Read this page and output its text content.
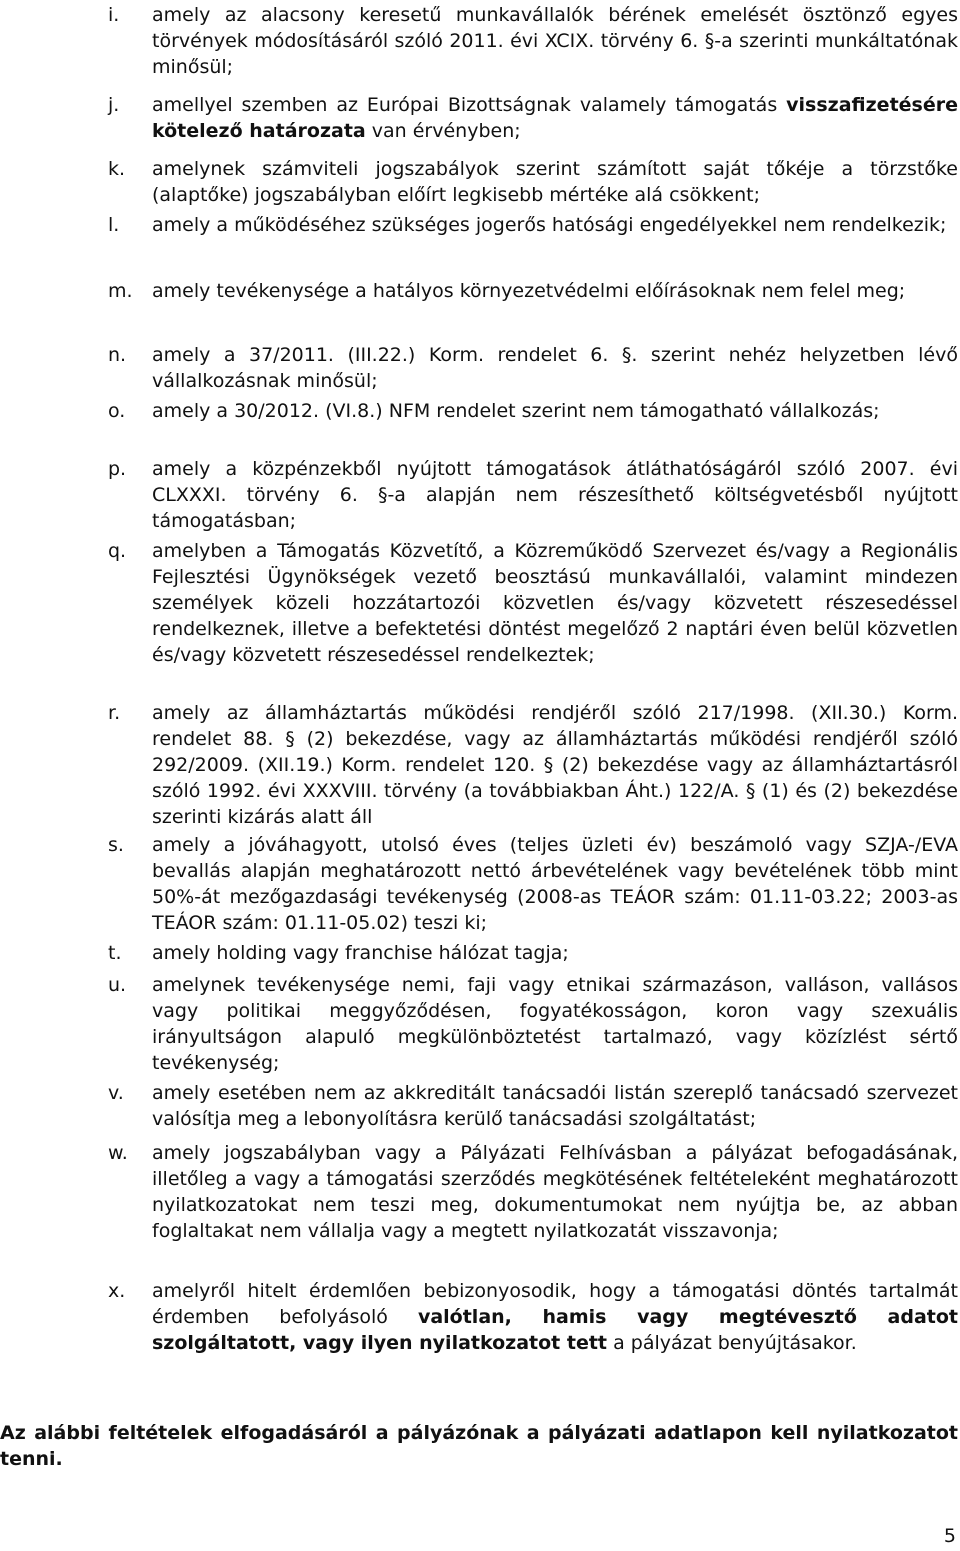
i.	amely az alacsony keresetű munkavállalók bérének emelését ösztönző egyes törvények módosításáról szóló 2011. évi XCIX. törvény 6. §-a szerinti munkáltatónak minősül;
j.	amellyel szemben az Európai Bizottságnak valamely támogatás visszafizetésére kötelező határozata van érvényben;
k.	amelynek számviteli jogszabályok szerint számított saját tőkéje a törzstőke (alaptőke) jogszabályban előírt legkisebb mértéke alá csökkent;
l.	amely a működéséhez szükséges jogerős hatósági engedélyekkel nem rendelkezik;
m.	amely tevékenysége a hatályos környezetvédelmi előírásoknak nem felel meg;
n.	amely a 37/2011. (III.22.) Korm. rendelet 6. §. szerint nehéz helyzetben lévő vállalkozásnak minősül;
o.	amely a 30/2012. (VI.8.) NFM rendelet szerint nem támogatható vállalkozás;
p.	amely a közpénzekből nyújtott támogatások átláthatóságáról szóló 2007. évi CLXXXI. törvény 6. §-a alapján nem részesíthető költségvetésből nyújtott támogatásban;
q.	amelyben a Támogatás Közvetítő, a Közreműködő Szervezet és/vagy a Regionális Fejlesztési Ügynökségek vezető beosztású munkavállalói, valamint mindezen személyek közeli hozzátartozói közvetlen és/vagy közvetett részesedéssel rendelkeznek, illetve a befektetési döntést megelőző 2 naptári éven belül közvetlen és/vagy közvetett részesedéssel rendelkeztek;
r.	amely az államháztartás működési rendjéről szóló 217/1998. (XII.30.) Korm. rendelet 88. § (2) bekezdése, vagy az államháztartás működési rendjéről szóló 292/2009. (XII.19.) Korm. rendelet 120. § (2) bekezdése vagy az államháztartásról szóló 1992. évi XXXVIII. törvény (a továbbiakban Áht.) 122/A. § (1) és (2) bekezdése szerinti kizárás alatt áll
s.	amely a jóváhagyott, utolsó éves (teljes üzleti év) beszámoló vagy SZJA-/EVA bevallás alapján meghatározott nettó árbevételének vagy bevételének több mint 50%-át mezőgazdasági tevékenység (2008-as TEÁOR szám: 01.11-03.22; 2003-as TEÁOR szám: 01.11-05.02) teszi ki;
t.	amely holding vagy franchise hálózat tagja;
u.	amelynek tevékenysége nemi, faji vagy etnikai származáson, valláson, vallásos vagy politikai meggyőződésen, fogyatékosságon, koron vagy szexuális irányultságon alapuló megkülönböztetést tartalmazó, vagy közízlést sértő tevékenység;
v.	amely esetében nem az akkreditált tanácsadói listán szereplő tanácsadó szervezet valósítja meg a lebonyolításra kerülő tanácsadási szolgáltatást;
w.	amely jogszabályban vagy a Pályázati Felhívásban a pályázat befogadásának, illetőleg a vagy a támogatási szerződés megkötésének feltételeként meghatározott nyilatkozatokat nem teszi meg, dokumentumokat nem nyújtja be, az abban foglaltakat nem vállalja vagy a megtett nyilatkozatát visszavonja;
x.	amelyről hitelt érdemlően bebizonyosodik, hogy a támogatási döntés tartalmát érdemben befolyásoló valótlan, hamis vagy megtévesztő adatot szolgáltatott, vagy ilyen nyilatkozatot tett a pályázat benyújtásakor.
Az alábbi feltételek elfogadásáról a pályázónak a pályázati adatlapon kell nyilatkozatot tenni.
5
